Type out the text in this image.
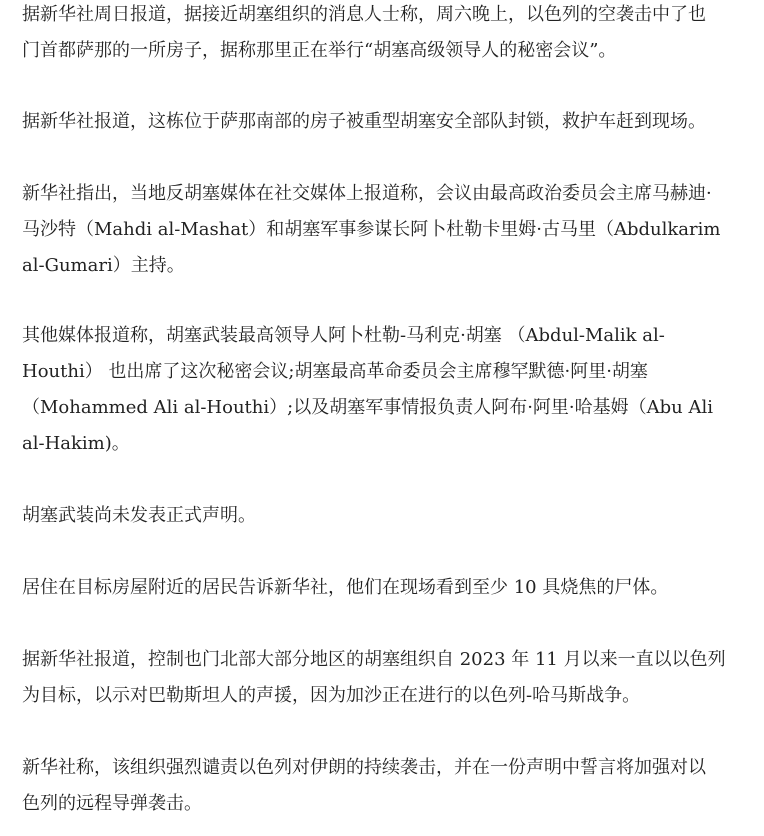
据新华社周日报道，据接近胡塞组织的消息人士称，周六晚上，以色列的空袭击中了也
门首都萨那的一所房子，据称那里正在举行“胡塞高级领导人的秘密会议”。

据新华社报道，这栋位于萨那南部的房子被重型胡塞安全部队封锁，救护车赶到现场。

新华社指出，当地反胡塞媒体在社交媒体上报道称，会议由最高政治委员会主席马赫迪·
马沙特（Mahdi al-Mashat）和胡塞军事参谋长阿卜杜勒卡里姆·古马里（Abdulkarim
al-Gumari）主持。

其他媒体报道称，胡塞武装最高领导人阿卜杜勒-马利克·胡塞 （Abdul-Malik al-
Houthi） 也出席了这次秘密会议;胡塞最高革命委员会主席穆罕默德·阿里·胡塞
（Mohammed Ali al-Houthi）;以及胡塞军事情报负责人阿布·阿里·哈基姆（Abu Ali
al-Hakim)。

胡塞武装尚未发表正式声明。

居住在目标房屋附近的居民告诉新华社，他们在现场看到至少 10 具烧焦的尸体。

据新华社报道，控制也门北部大部分地区的胡塞组织自 2023 年 11 月以来一直以以色列
为目标，以示对巴勒斯坦人的声援，因为加沙正在进行的以色列-哈马斯战争。

新华社称，该组织强烈谴责以色列对伊朗的持续袭击，并在一份声明中誓言将加强对以
色列的远程导弹袭击。
